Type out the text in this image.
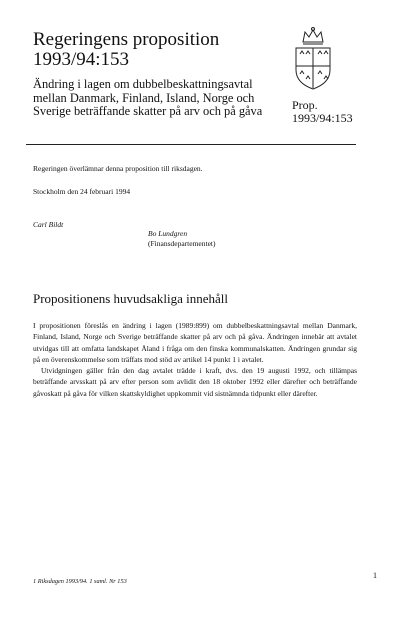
Regeringens proposition
1993/94:153
Ändring i lagen om dubbelbeskattningsavtal
mellan Danmark, Finland, Island, Norge och
Sverige beträffande skatter på arv och på gåva	Prop.
1993/94:153
Regeringen överlämnar denna proposition till riksdagen.
Stockholm den 24 februari 1994
Carl Bildt
Bo Lundgren
(Finansdepartementet)
Propositionens huvudsakliga innehåll

I propositionen föreslås en ändring i lagen (1989:899) om dubbelbeskattningsavtal mellan Danmark, Finland, Island, Norge och Sverige beträffande skatter på arv och på gåva. Ändringen innebär att avtalet utvidgas till att omfatta landskapet Åland i fråga om den finska kommunalskatten. Ändringen grundar sig på en överenskommelse som träffats mod stöd av artikel 14 punkt 1 i avtalet.

Utvidgningen gäller från den dag avtalet trädde i kraft, dvs. den 19 augusti 1992, och tillämpas beträffande arvsskatt på arv efter person som avlidit den 18 oktober 1992 eller därefter och beträffande gåvoskatt på gåva för vilken skattskyldighet uppkommit vid sistnämnda tidpunkt eller därefter.

1 Riksdagen 1993/94. 1 saml. Nr 153
1
